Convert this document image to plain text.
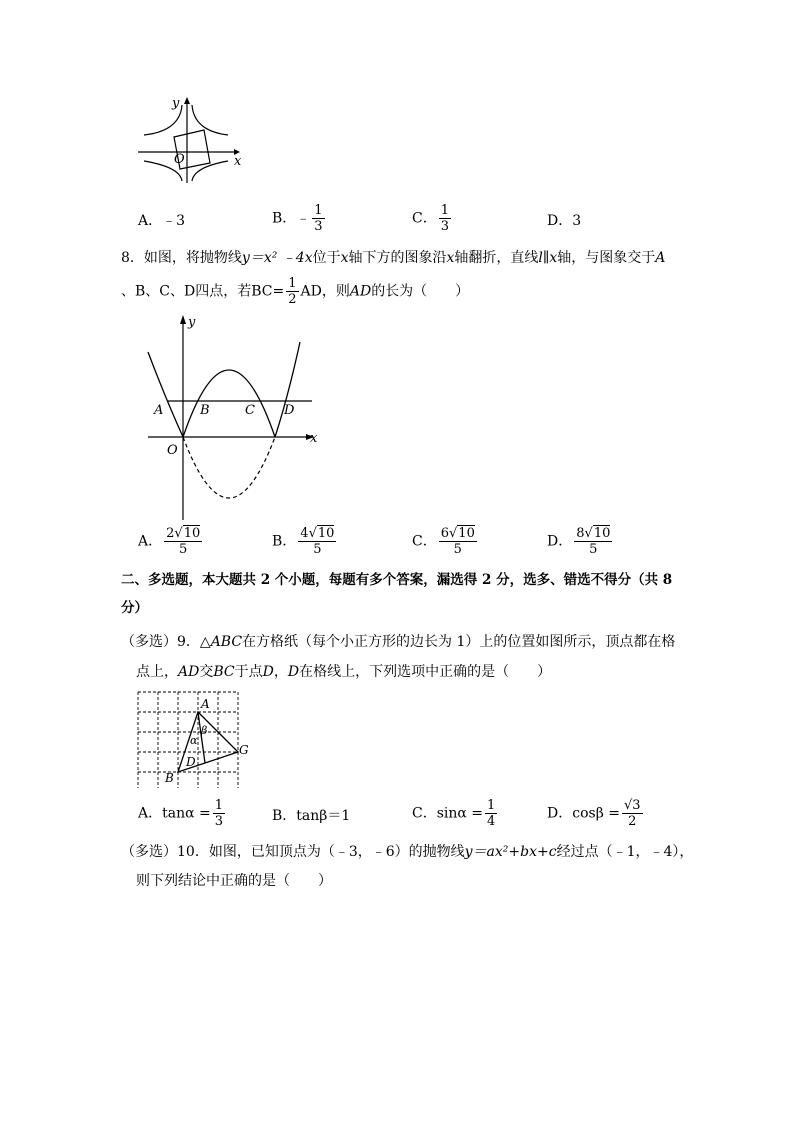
y
x
O
A．﹣3	B．﹣ $\frac{1}{3}$	C． $\frac{1}{3}$	D．3
8．如图，将抛物线y＝x² ﹣4x位于x轴下方的图象沿x轴翻折，直线l∥x轴，与图象交于A
、B、C、D四点，若$BC= \frac{1}{2}$ AD，则AD的长为（　　）
y
x
O
A	B	C D
A． $\frac{2√10}{5}$	B． $\frac{4√10}{5}$	C． $\frac{6√10}{5}$	D． $\frac{8√10}{5}$
二、多选题，本大题共 2 个小题，每题有多个答案，漏选得 2 分，选多、错选不得分（共 8
分）
（多选）9．△ABC在方格纸（每个小正方形的边长为 1）上的位置如图所示，顶点都在格
点上，AD交BC于点D，D在格线上，下列选项中正确的是（　　）
A
B
G
D
α
β
A．$\tan\alpha = \frac{1}{3}$	B．tanβ＝1	C．$\sin\alpha = \frac{1}{4}$	D．$\cos\beta = \frac{√3}{2}$
（多选）10．如图，已知顶点为（﹣3，﹣6）的抛物线y＝ax²+bx+c经过点（﹣1，﹣4），
则下列结论中正确的是（　　）
